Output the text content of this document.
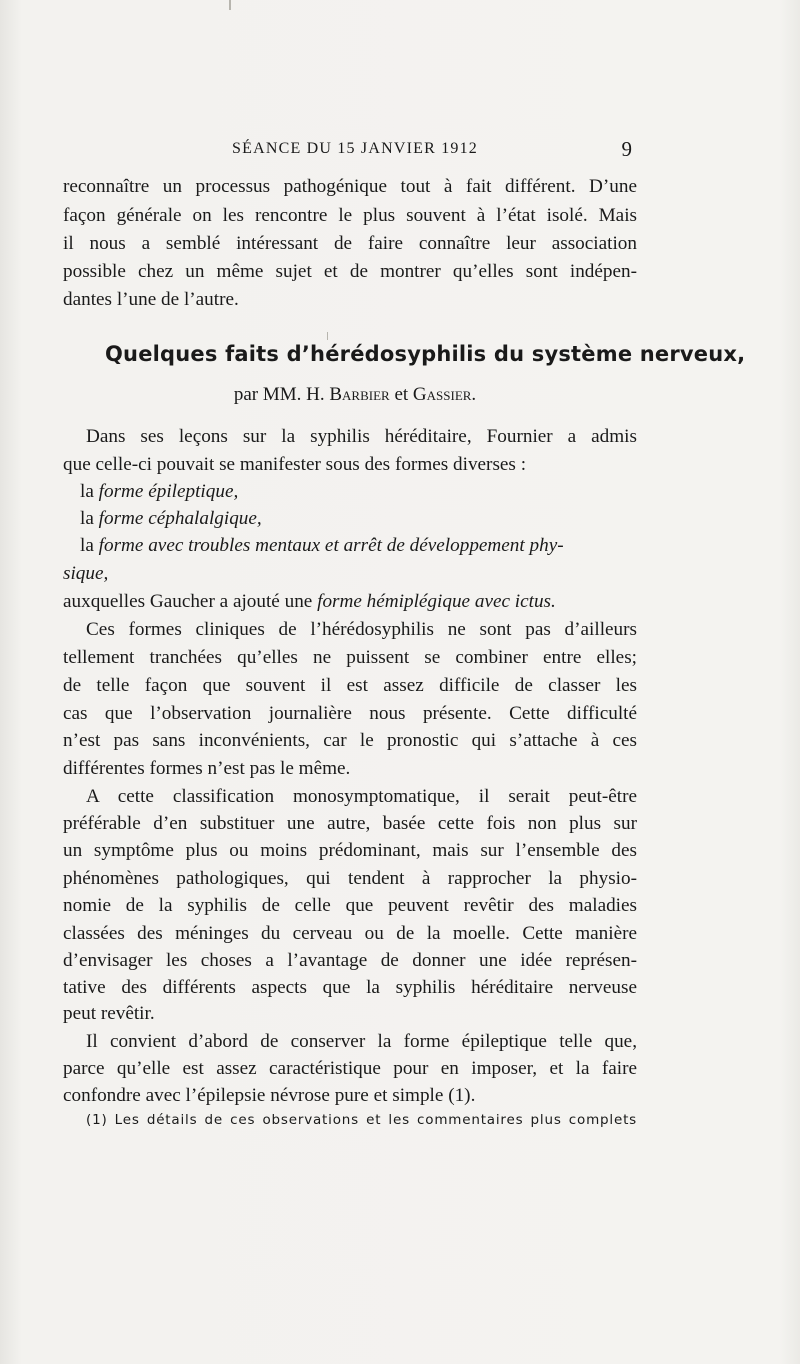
SÉANCE DU 15 JANVIER 1912	9
reconnaître un processus pathogénique tout à fait différent. D’une
façon générale on les rencontre le plus souvent à l’état isolé. Mais
il nous a semblé intéressant de faire connaître leur association
possible chez un même sujet et de montrer qu’elles sont indépen-
dantes l’une de l’autre.
Quelques faits d’hérédosyphilis du système nerveux,
par MM. H. Barbier et Gassier.
Dans ses leçons sur la syphilis héréditaire, Fournier a admis
que celle-ci pouvait se manifester sous des formes diverses :
la forme épileptique,
la forme céphalalgique,
la forme avec troubles mentaux et arrêt de développement phy-
sique,
auxquelles Gaucher a ajouté une forme hémiplégique avec ictus.
Ces formes cliniques de l’hérédosyphilis ne sont pas d’ailleurs
tellement tranchées qu’elles ne puissent se combiner entre elles;
de telle façon que souvent il est assez difficile de classer les
cas que l’observation journalière nous présente. Cette difficulté
n’est pas sans inconvénients, car le pronostic qui s’attache à ces
différentes formes n’est pas le même.
A cette classification monosymptomatique, il serait peut-être
préférable d’en substituer une autre, basée cette fois non plus sur
un symptôme plus ou moins prédominant, mais sur l’ensemble des
phénomènes pathologiques, qui tendent à rapprocher la physio-
nomie de la syphilis de celle que peuvent revêtir des maladies
classées des méninges du cerveau ou de la moelle. Cette manière
d’envisager les choses a l’avantage de donner une idée représen-
tative des différents aspects que la syphilis héréditaire nerveuse
peut revêtir.
Il convient d’abord de conserver la forme épileptique telle que,
parce qu’elle est assez caractéristique pour en imposer, et la faire
confondre avec l’épilepsie névrose pure et simple (1).
(1) Les détails de ces observations et les commentaires plus complets
